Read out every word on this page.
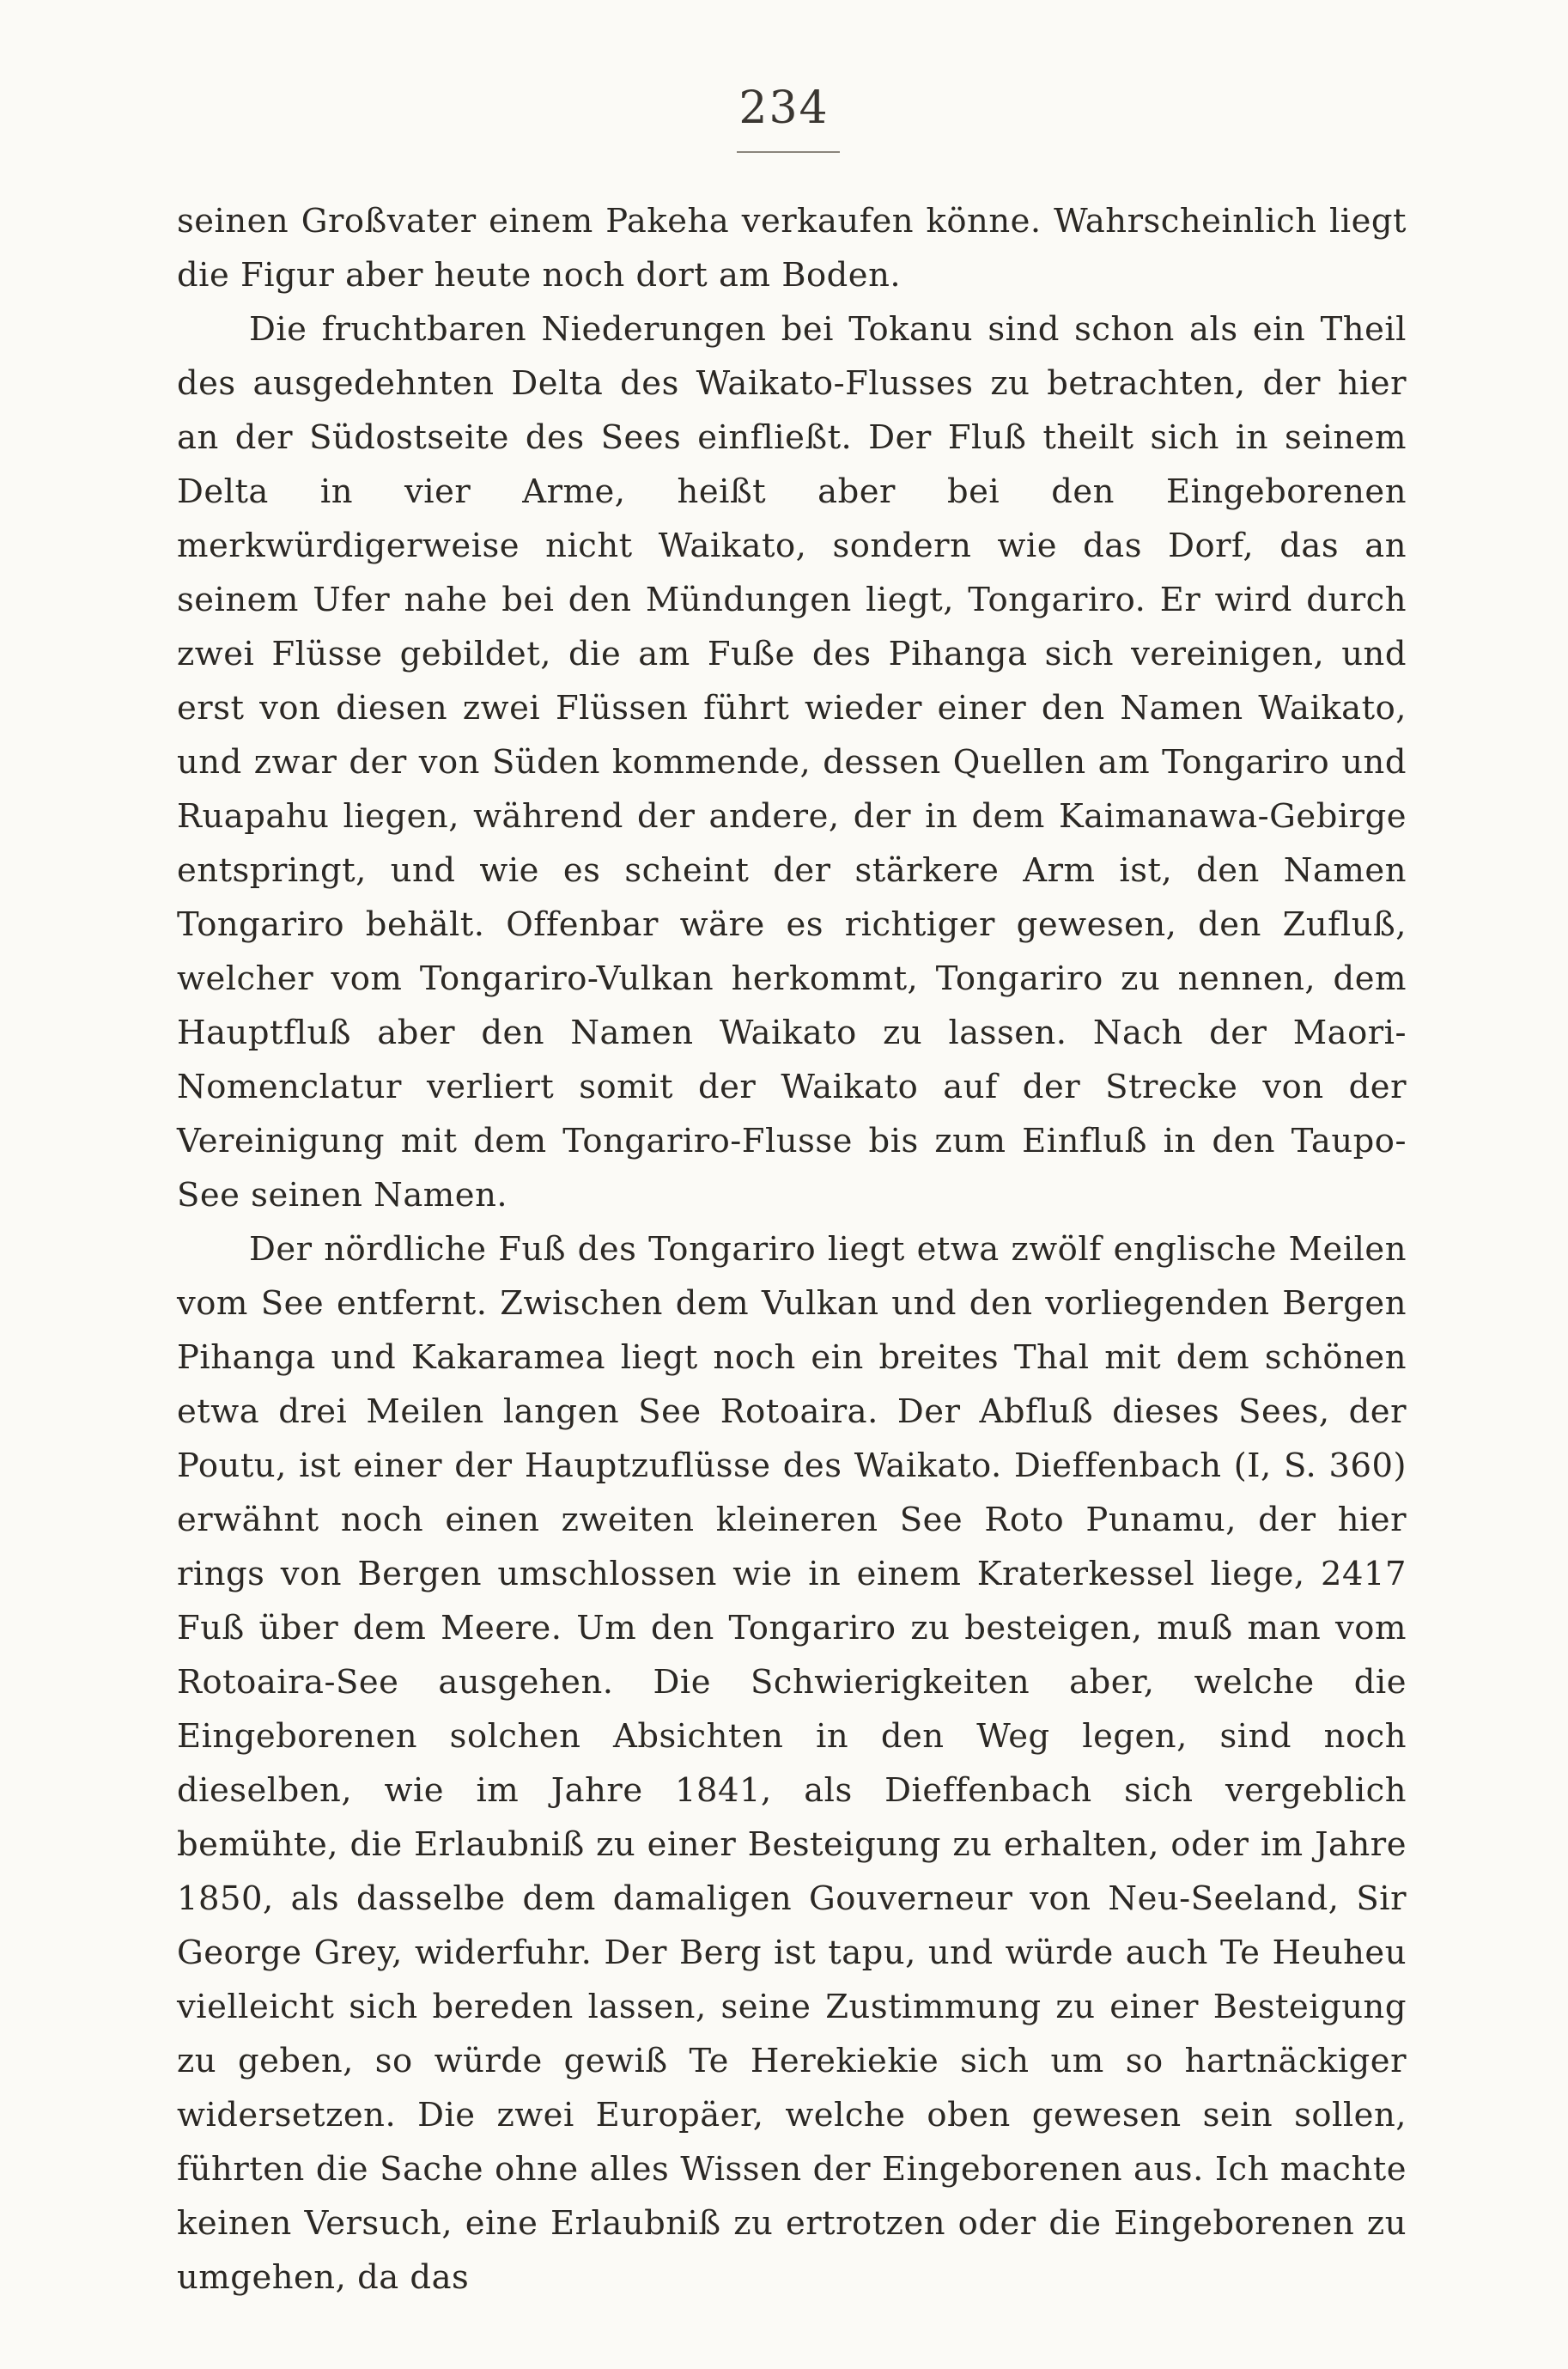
234

seinen Großvater einem Pakeha verkaufen könne. Wahrscheinlich liegt die Figur aber heute noch dort am Boden.

Die fruchtbaren Niederungen bei Tokanu sind schon als ein Theil des ausgedehnten Delta des Waikato-Flusses zu betrachten, der hier an der Südostseite des Sees einfließt. Der Fluß theilt sich in seinem Delta in vier Arme, heißt aber bei den Eingeborenen merkwürdigerweise nicht Waikato, sondern wie das Dorf, das an seinem Ufer nahe bei den Mündungen liegt, Tongariro. Er wird durch zwei Flüsse gebildet, die am Fuße des Pihanga sich vereinigen, und erst von diesen zwei Flüssen führt wieder einer den Namen Waikato, und zwar der von Süden kommende, dessen Quellen am Tongariro und Ruapahu liegen, während der andere, der in dem Kaimanawa-Gebirge entspringt, und wie es scheint der stärkere Arm ist, den Namen Tongariro behält. Offenbar wäre es richtiger gewesen, den Zufluß, welcher vom Tongariro-Vulkan herkommt, Tongariro zu nennen, dem Hauptfluß aber den Namen Waikato zu lassen. Nach der Maori-Nomenclatur verliert somit der Waikato auf der Strecke von der Vereinigung mit dem Tongariro-Flusse bis zum Einfluß in den Taupo-See seinen Namen.

Der nördliche Fuß des Tongariro liegt etwa zwölf englische Meilen vom See entfernt. Zwischen dem Vulkan und den vorliegenden Bergen Pihanga und Kakaramea liegt noch ein breites Thal mit dem schönen etwa drei Meilen langen See Rotoaira. Der Abfluß dieses Sees, der Poutu, ist einer der Hauptzuflüsse des Waikato. Dieffenbach (I, S. 360) erwähnt noch einen zweiten kleineren See Roto Punamu, der hier rings von Bergen umschlossen wie in einem Kraterkessel liege, 2417 Fuß über dem Meere. Um den Tongariro zu besteigen, muß man vom Rotoaira-See ausgehen. Die Schwierigkeiten aber, welche die Eingeborenen solchen Absichten in den Weg legen, sind noch dieselben, wie im Jahre 1841, als Dieffenbach sich vergeblich bemühte, die Erlaubniß zu einer Besteigung zu erhalten, oder im Jahre 1850, als dasselbe dem damaligen Gouverneur von Neu-Seeland, Sir George Grey, widerfuhr. Der Berg ist tapu, und würde auch Te Heuheu vielleicht sich bereden lassen, seine Zustimmung zu einer Besteigung zu geben, so würde gewiß Te Herekiekie sich um so hartnäckiger widersetzen. Die zwei Europäer, welche oben gewesen sein sollen, führten die Sache ohne alles Wissen der Eingeborenen aus. Ich machte keinen Versuch, eine Erlaubniß zu ertrotzen oder die Eingeborenen zu umgehen, da das
